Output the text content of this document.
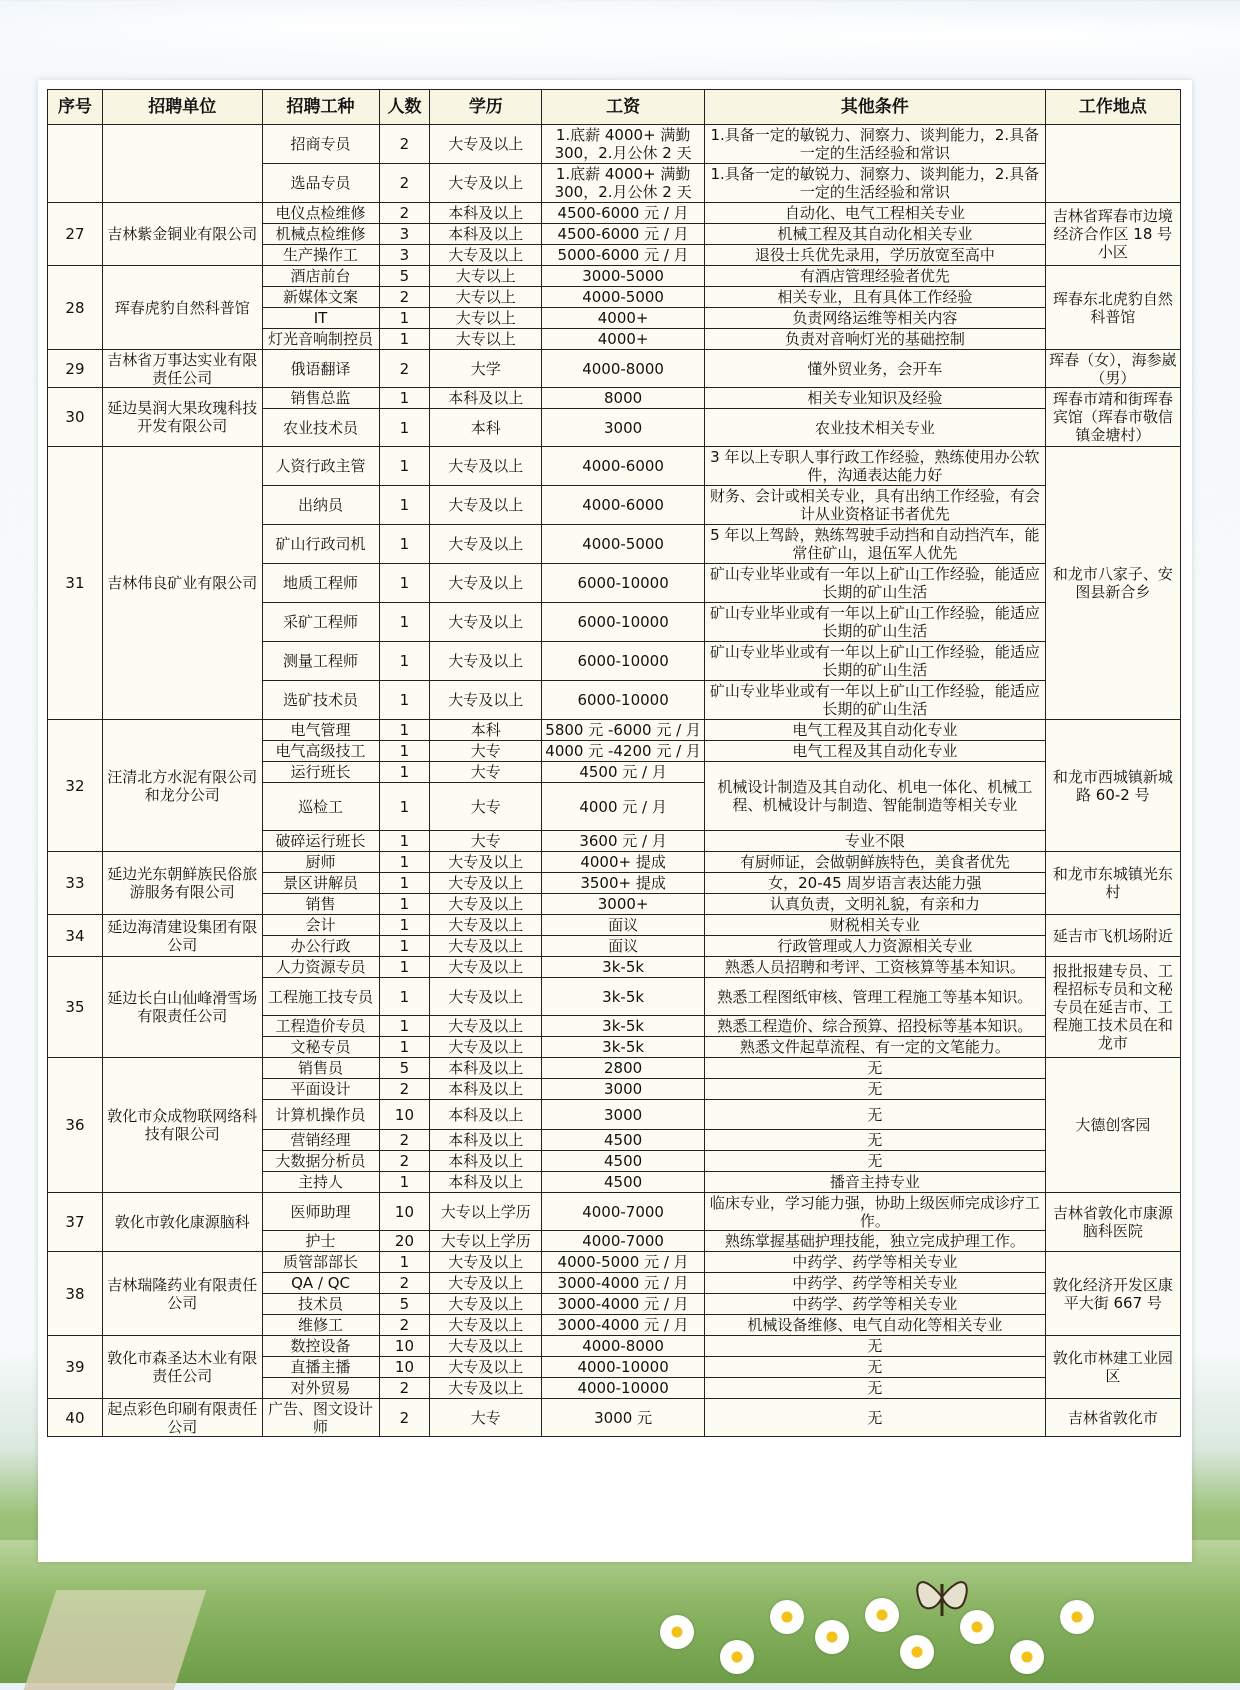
序号	招聘单位	招聘工种	人数	学历	工资	其他条件	工作地点
		招商专员	2	大专及以上	1.底薪 4000+ 满勤 300，2.月公休 2 天	1.具备一定的敏锐力、洞察力、谈判能力，2.具备一定的生活经验和常识	
		选品专员	2	大专及以上	1.底薪 4000+ 满勤 300，2.月公休 2 天	1.具备一定的敏锐力、洞察力、谈判能力，2.具备一定的生活经验和常识	
27	吉林紫金铜业有限公司	电仪点检维修	2	本科及以上	4500-6000 元 / 月	自动化、电气工程相关专业	吉林省珲春市边境经济合作区 18 号小区
		机械点检维修	3	本科及以上	4500-6000 元 / 月	机械工程及其自动化相关专业	
		生产操作工	3	大专及以上	5000-6000 元 / 月	退役士兵优先录用，学历放宽至高中	
28	珲春虎豹自然科普馆	酒店前台	5	大专以上	3000-5000	有酒店管理经验者优先	珲春东北虎豹自然科普馆
		新媒体文案	2	大专以上	4000-5000	相关专业，且有具体工作经验	
		IT	1	大专以上	4000+	负责网络运维等相关内容	
		灯光音响制控员	1	大专以上	4000+	负责对音响灯光的基础控制	
29	吉林省万事达实业有限责任公司	俄语翻译	2	大学	4000-8000	懂外贸业务，会开车	珲春（女），海参崴（男）
30	延边昊润大果玫瑰科技开发有限公司	销售总监	1	本科及以上	8000	相关专业知识及经验	珲春市靖和街珲春宾馆（珲春市敬信镇金塘村）
		农业技术员	1	本科	3000	农业技术相关专业	
31	吉林伟良矿业有限公司	人资行政主管	1	大专及以上	4000-6000	3 年以上专职人事行政工作经验，熟练使用办公软件，沟通表达能力好	和龙市八家子、安图县新合乡
		出纳员	1	大专及以上	4000-6000	财务、会计或相关专业，具有出纳工作经验，有会计从业资格证书者优先	
		矿山行政司机	1	大专及以上	4000-5000	5 年以上驾龄，熟练驾驶手动挡和自动挡汽车，能常住矿山，退伍军人优先	
		地质工程师	1	大专及以上	6000-10000	矿山专业毕业或有一年以上矿山工作经验，能适应长期的矿山生活	
		采矿工程师	1	大专及以上	6000-10000	矿山专业毕业或有一年以上矿山工作经验，能适应长期的矿山生活	
		测量工程师	1	大专及以上	6000-10000	矿山专业毕业或有一年以上矿山工作经验，能适应长期的矿山生活	
		选矿技术员	1	大专及以上	6000-10000	矿山专业毕业或有一年以上矿山工作经验，能适应长期的矿山生活	
32	汪清北方水泥有限公司和龙分公司	电气管理	1	本科	5800 元 -6000 元 / 月	电气工程及其自动化专业	和龙市西城镇新城路 60-2 号
		电气高级技工	1	大专	4000 元 -4200 元 / 月	电气工程及其自动化专业	
		运行班长	1	大专	4500 元 / 月	机械设计制造及其自动化、机电一体化、机械工程、机械设计与制造、智能制造等相关专业	
		巡检工	1	大专	4000 元 / 月		
		破碎运行班长	1	大专	3600 元 / 月	专业不限	
33	延边光东朝鲜族民俗旅游服务有限公司	厨师	1	大专及以上	4000+ 提成	有厨师证，会做朝鲜族特色，美食者优先	和龙市东城镇光东村
		景区讲解员	1	大专及以上	3500+ 提成	女，20-45 周岁语言表达能力强	
		销售	1	大专及以上	3000+	认真负责，文明礼貌，有亲和力	
34	延边海清建设集团有限公司	会计	1	大专及以上	面议	财税相关专业	延吉市飞机场附近
		办公行政	1	大专及以上	面议	行政管理或人力资源相关专业	
35	延边长白山仙峰滑雪场有限责任公司	人力资源专员	1	大专及以上	3k-5k	熟悉人员招聘和考评、工资核算等基本知识。	报批报建专员、工程招标专员和文秘专员在延吉市、工程施工技术员在和龙市
		工程施工技专员	1	大专及以上	3k-5k	熟悉工程图纸审核、管理工程施工等基本知识。	
		工程造价专员	1	大专及以上	3k-5k	熟悉工程造价、综合预算、招投标等基本知识。	
		文秘专员	1	大专及以上	3k-5k	熟悉文件起草流程、有一定的文笔能力。	
36	敦化市众成物联网络科技有限公司	销售员	5	本科及以上	2800	无	大德创客园
		平面设计	2	本科及以上	3000	无	
		计算机操作员	10	本科及以上	3000	无	
		营销经理	2	本科及以上	4500	无	
		大数据分析员	2	本科及以上	4500	无	
		主持人	1	本科及以上	4500	播音主持专业	
37	敦化市敦化康源脑科	医师助理	10	大专以上学历	4000-7000	临床专业，学习能力强，协助上级医师完成诊疗工作。	吉林省敦化市康源脑科医院
		护士	20	大专以上学历	4000-7000	熟练掌握基础护理技能，独立完成护理工作。	
38	吉林瑞隆药业有限责任公司	质管部部长	1	大专及以上	4000-5000 元 / 月	中药学、药学等相关专业	敦化经济开发区康平大街 667 号
		QA / QC	2	大专及以上	3000-4000 元 / 月	中药学、药学等相关专业	
		技术员	5	大专及以上	3000-4000 元 / 月	中药学、药学等相关专业	
		维修工	2	大专及以上	3000-4000 元 / 月	机械设备维修、电气自动化等相关专业	
39	敦化市森圣达木业有限责任公司	数控设备	10	大专及以上	4000-8000	无	敦化市林建工业园区
		直播主播	10	大专及以上	4000-10000	无	
		对外贸易	2	大专及以上	4000-10000	无	
40	起点彩色印刷有限责任公司	广告、图文设计师	2	大专	3000 元	无	吉林省敦化市
